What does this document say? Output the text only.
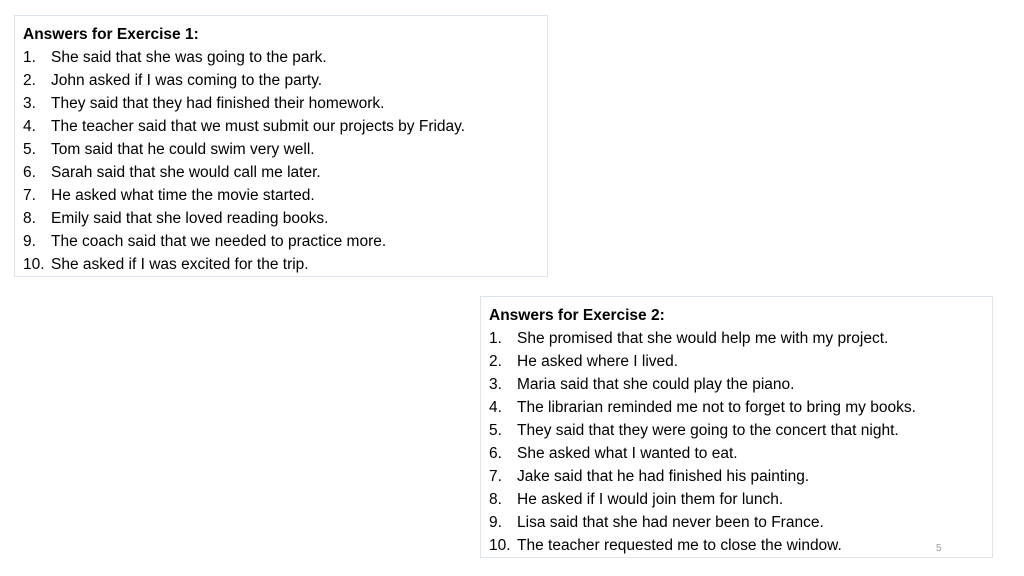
Answers for Exercise 1:
1. She said that she was going to the park.
2. John asked if I was coming to the party.
3. They said that they had finished their homework.
4. The teacher said that we must submit our projects by Friday.
5. Tom said that he could swim very well.
6. Sarah said that she would call me later.
7. He asked what time the movie started.
8. Emily said that she loved reading books.
9. The coach said that we needed to practice more.
10. She asked if I was excited for the trip.
Answers for Exercise 2:
1. She promised that she would help me with my project.
2. He asked where I lived.
3. Maria said that she could play the piano.
4. The librarian reminded me not to forget to bring my books.
5. They said that they were going to the concert that night.
6. She asked what I wanted to eat.
7. Jake said that he had finished his painting.
8. He asked if I would join them for lunch.
9. Lisa said that she had never been to France.
10. The teacher requested me to close the window.	5
